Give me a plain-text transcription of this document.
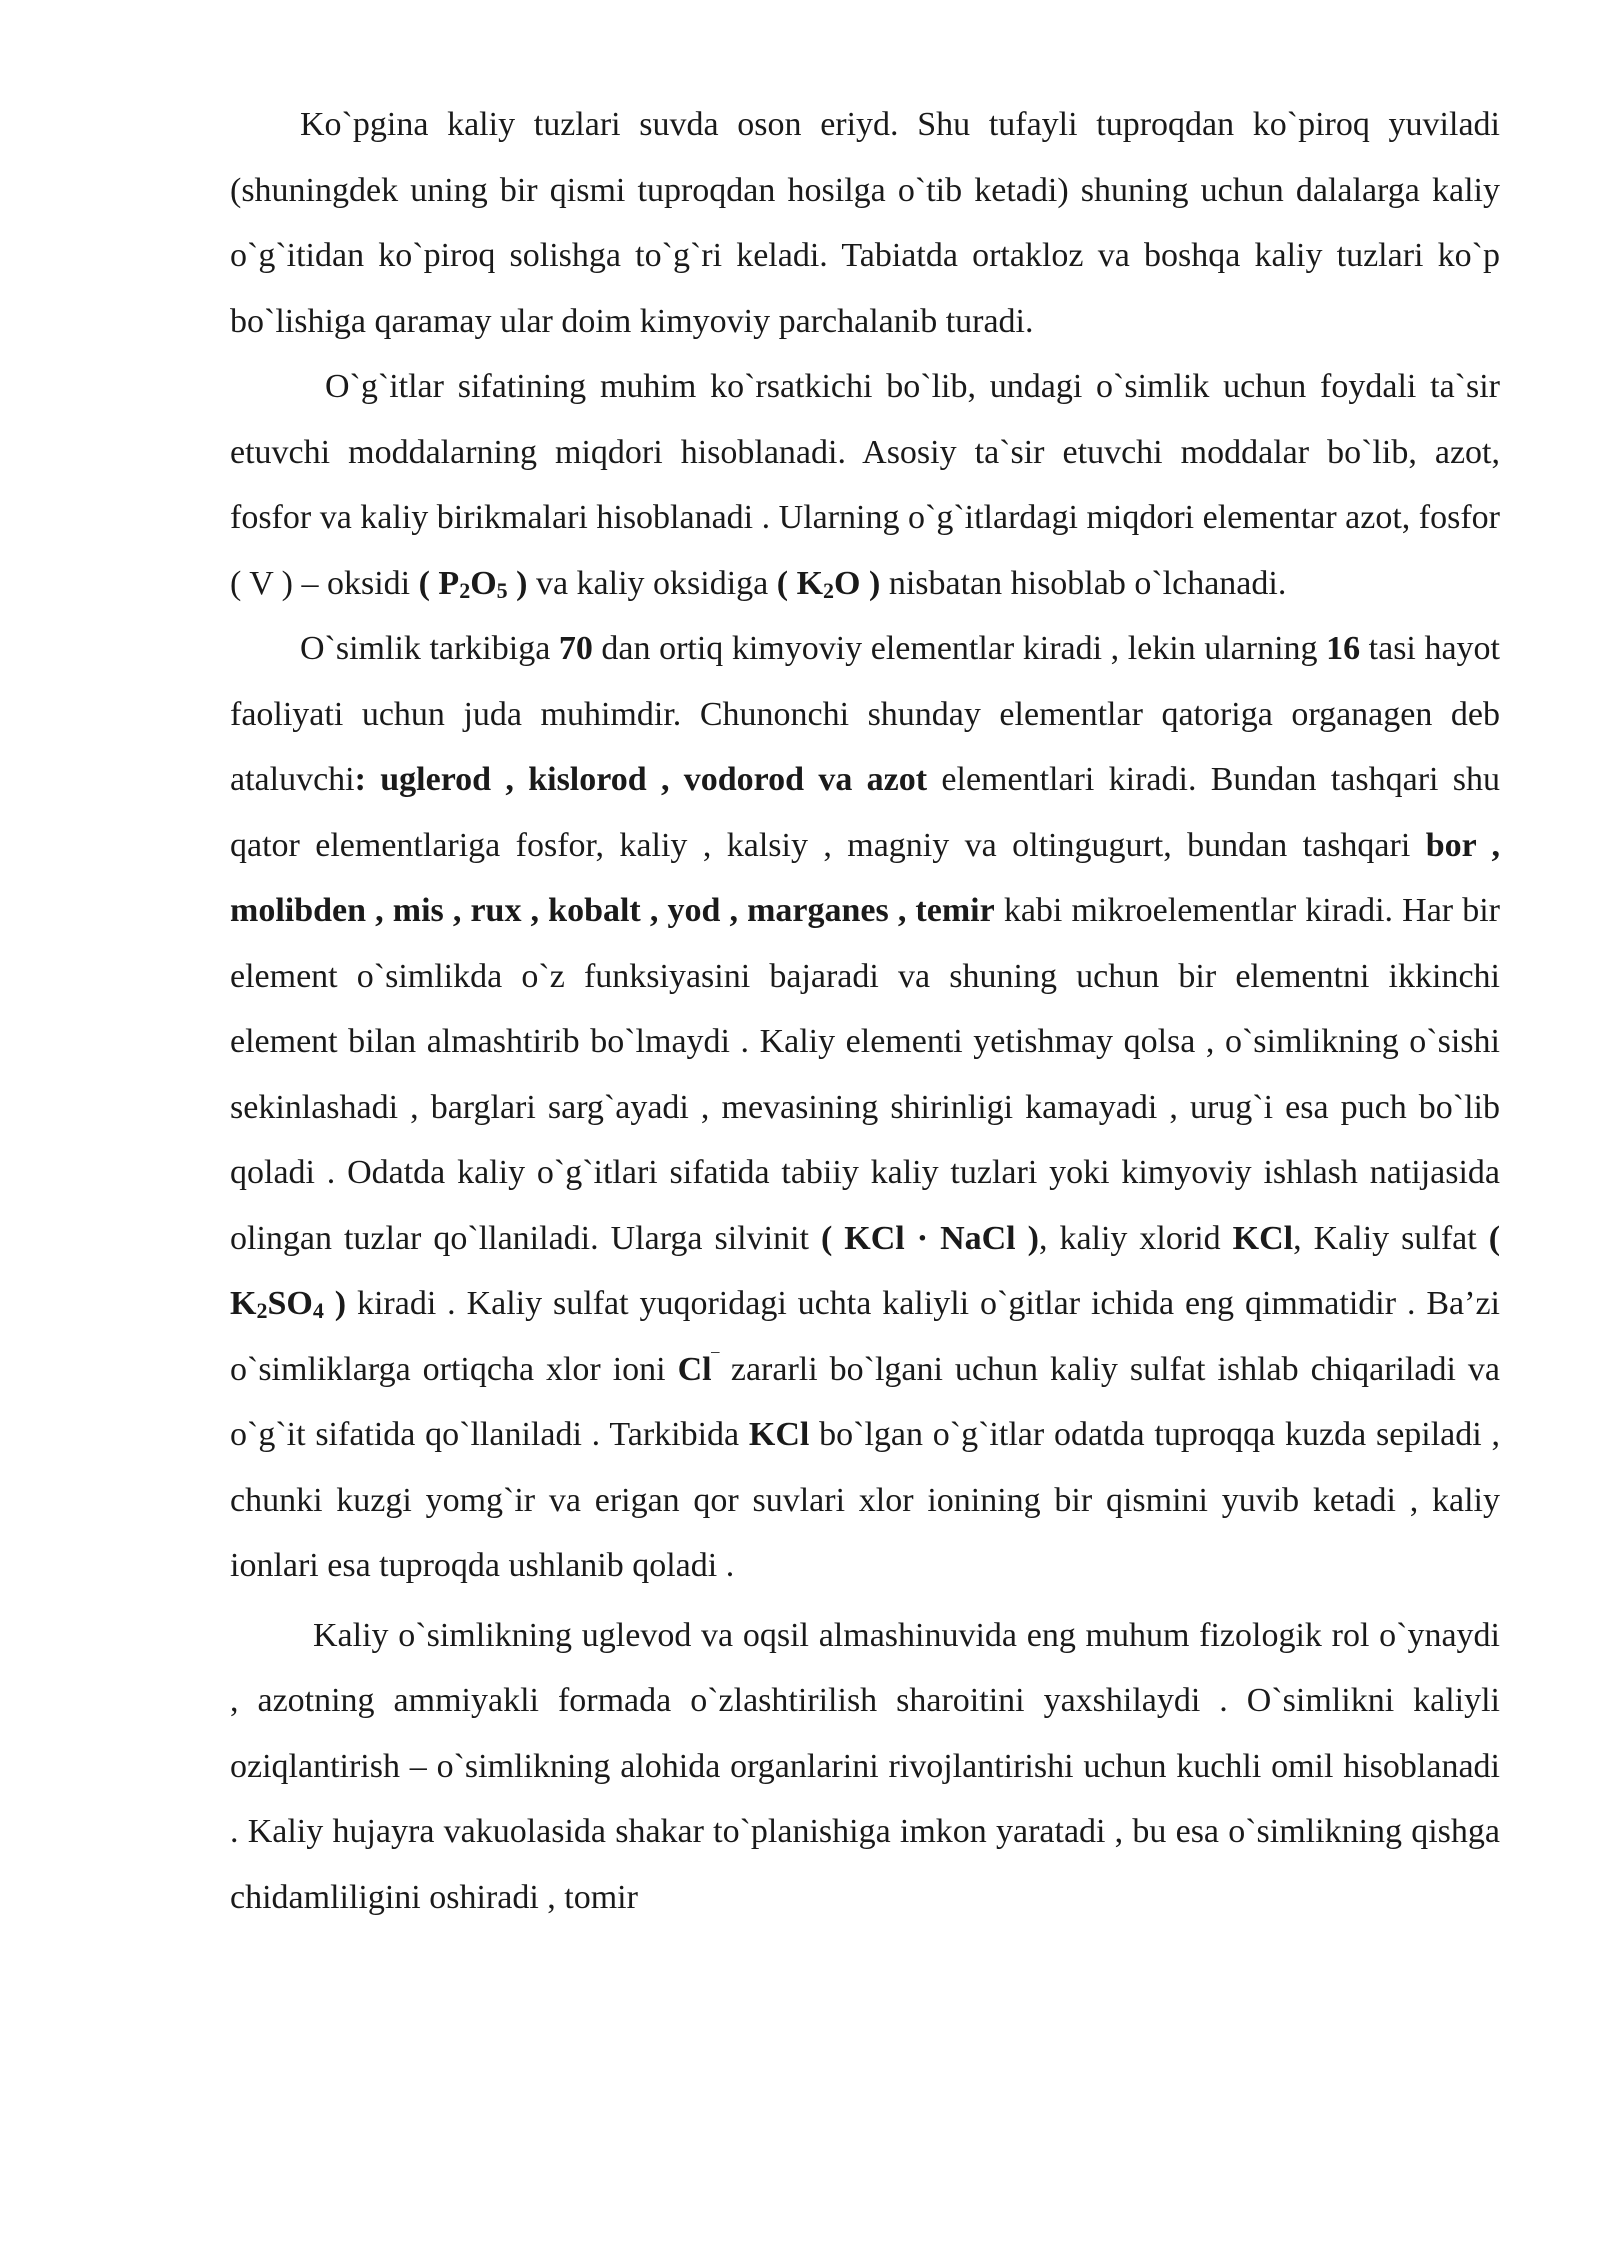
Ko`pgina kaliy tuzlari suvda oson eriyd. Shu tufayli tuproqdan ko`piroq yuviladi (shuningdek uning bir qismi tuproqdan hosilga o`tib ketadi) shuning uchun dalalarga kaliy o`g`itidan ko`piroq solishga to`g`ri keladi. Tabiatda ortakloz va boshqa kaliy tuzlari ko`p bo`lishiga qaramay ular doim kimyoviy parchalanib turadi.

O`g`itlar sifatining muhim ko`rsatkichi bo`lib, undagi o`simlik uchun foydali ta`sir etuvchi moddalarning miqdori hisoblanadi. Asosiy ta`sir etuvchi moddalar bo`lib, azot, fosfor va kaliy birikmalari hisoblanadi . Ularning o`g`itlardagi miqdori elementar azot, fosfor ( V ) – oksidi ( $P_2O_5$ ) va kaliy oksidiga ( $K_2O$ ) nisbatan hisoblab o`lchanadi.

O`simlik tarkibiga 70 dan ortiq kimyoviy elementlar kiradi , lekin ularning 16 tasi hayot faoliyati uchun juda muhimdir. Chunonchi shunday elementlar qatoriga organagen deb ataluvchi: uglerod , kislorod , vodorod va azot elementlari kiradi. Bundan tashqari shu qator elementlariga fosfor, kaliy , kalsiy , magniy va oltingugurt, bundan tashqari bor , molibden , mis , rux , kobalt , yod , marganes , temir kabi mikroelementlar kiradi. Har bir element o`simlikda o`z funksiyasini bajaradi va shuning uchun bir elementni ikkinchi element bilan almashtirib bo`lmaydi . Kaliy elementi yetishmay qolsa , o`simlikning o`sishi sekinlashadi , barglari sarg`ayadi , mevasining shirinligi kamayadi , urug`i esa puch bo`lib qoladi . Odatda kaliy o`g`itlari sifatida tabiiy kaliy tuzlari yoki kimyoviy ishlash natijasida olingan tuzlar qo`llaniladi. Ularga silvinit ( KCl · NaCl ), kaliy xlorid KCl, Kaliy sulfat ( $K_2SO_4$ ) kiradi . Kaliy sulfat yuqoridagi uchta kaliyli o`gitlar ichida eng qimmatidir . Ba’zi o`simliklarga ortiqcha xlor ioni Cl‾ zararli bo`lgani uchun kaliy sulfat ishlab chiqariladi va o`g`it sifatida qo`llaniladi . Tarkibida KCl bo`lgan o`g`itlar odatda tuproqqa kuzda sepiladi , chunki kuzgi yomg`ir va erigan qor suvlari xlor ionining bir qismini yuvib ketadi , kaliy ionlari esa tuproqda ushlanib qoladi .

Kaliy o`simlikning uglevod va oqsil almashinuvida eng muhum fizologik rol o`ynaydi , azotning ammiyakli formada o`zlashtirilish sharoitini yaxshilaydi . O`simlikni kaliyli oziqlantirish – o`simlikning alohida organlarini rivojlantirishi uchun kuchli omil hisoblanadi . Kaliy hujayra vakuolasida shakar to`planishiga imkon yaratadi , bu esa o`simlikning qishga chidamliligini oshiradi , tomir
